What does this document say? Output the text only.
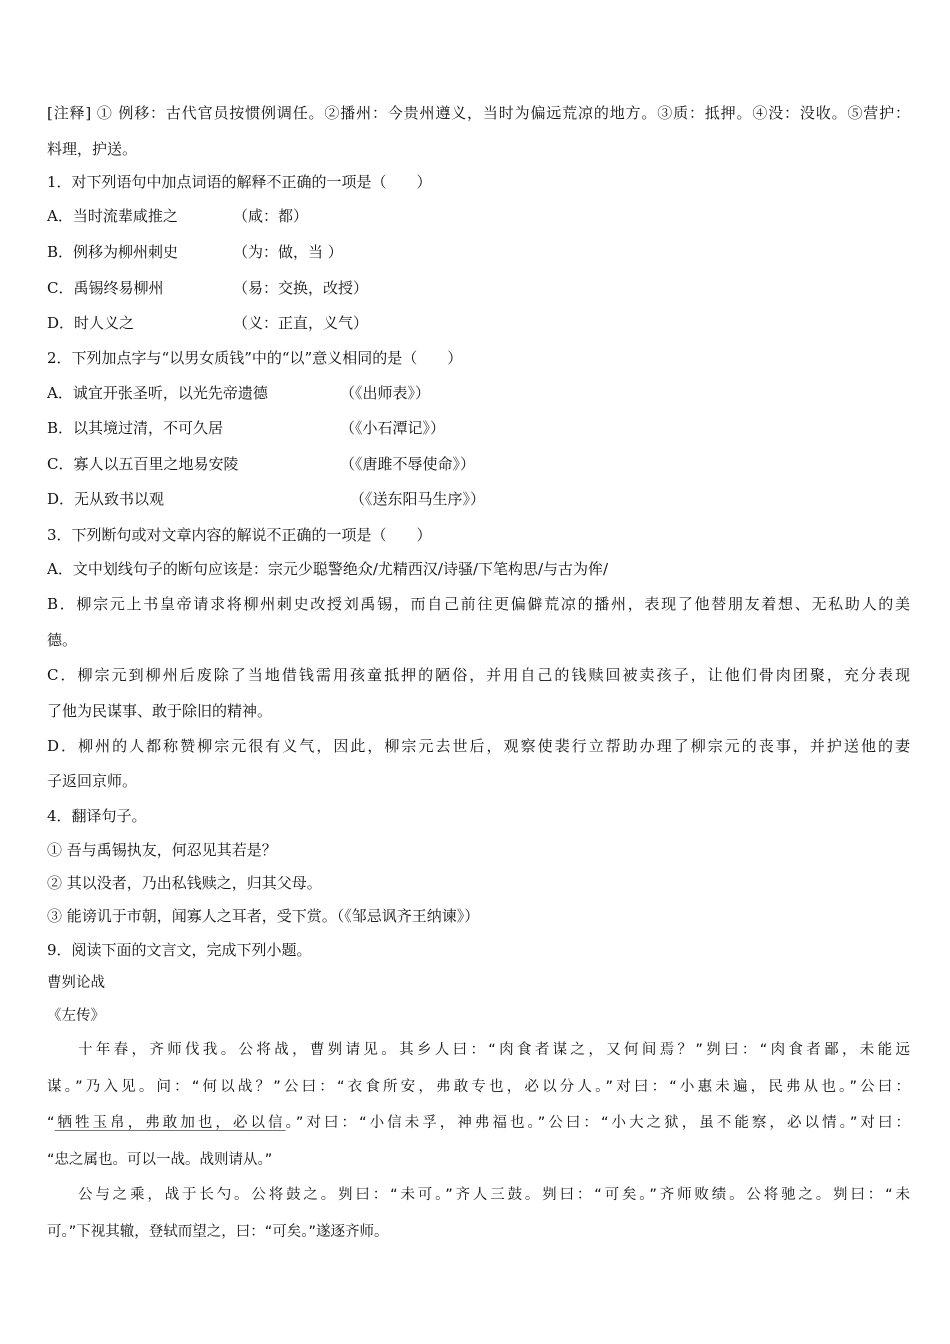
[注释] ① 例移：古代官员按惯例调任。②播州：今贵州遵义，当时为偏远荒凉的地方。③质：抵押。④没：没收。⑤营护：
料理，护送。
1．对下列语句中加点词语的解释不正确的一项是（　　）
A．当时流辈咸推之	（咸：都）
B．例移为柳州刺史	（为：做，当 ）
C．禹锡终易柳州	（易：交换，改授）
D．时人义之	（义：正直，义气）
2．下列加点字与“以男女质钱”中的“以”意义相同的是（　　）
A．诚宜开张圣听，以光先帝遗德	（《出师表》）
B．以其境过清，不可久居	（《小石潭记》）
C．寡人以五百里之地易安陵	（《唐雎不辱使命》）
D．无从致书以观	（《送东阳马生序》）
3．下列断句或对文章内容的解说不正确的一项是（　　）
A．文中划线句子的断句应该是：宗元少聪警绝众/尤精西汉/诗骚/下笔构思/与古为侔/
B．柳宗元上书皇帝请求将柳州刺史改授刘禹锡，而自己前往更偏僻荒凉的播州，表现了他替朋友着想、无私助人的美
德。
C．柳宗元到柳州后废除了当地借钱需用孩童抵押的陋俗，并用自己的钱赎回被卖孩子，让他们骨肉团聚，充分表现
了他为民谋事、敢于除旧的精神。
D．柳州的人都称赞柳宗元很有义气，因此，柳宗元去世后，观察使裴行立帮助办理了柳宗元的丧事，并护送他的妻
子返回京师。
4．翻译句子。
① 吾与禹锡执友，何忍见其若是？
② 其以没者，乃出私钱赎之，归其父母。
③ 能谤讥于市朝，闻寡人之耳者，受下赏。（《邹忌讽齐王纳谏》）
9．阅读下面的文言文，完成下列小题。
曹刿论战
《左传》
十年春，齐师伐我。公将战，曹刿请见。其乡人曰：“肉食者谋之，又何间焉？”刿曰：“肉食者鄙，未能远
谋。”乃入见。问：“何以战？”公曰：“衣食所安，弗敢专也，必以分人。”对曰：“小惠未遍，民弗从也。”公曰：
“牺牲玉帛，弗敢加也，必以信。”对曰：“小信未孚，神弗福也。”公曰：“小大之狱，虽不能察，必以情。”对曰：
“忠之属也。可以一战。战则请从。”
公与之乘，战于长勺。公将鼓之。刿曰：“未可。”齐人三鼓。刿曰：“可矣。”齐师败绩。公将驰之。刿曰：“未
可。”下视其辙，登轼而望之，曰：“可矣。”遂逐齐师。
